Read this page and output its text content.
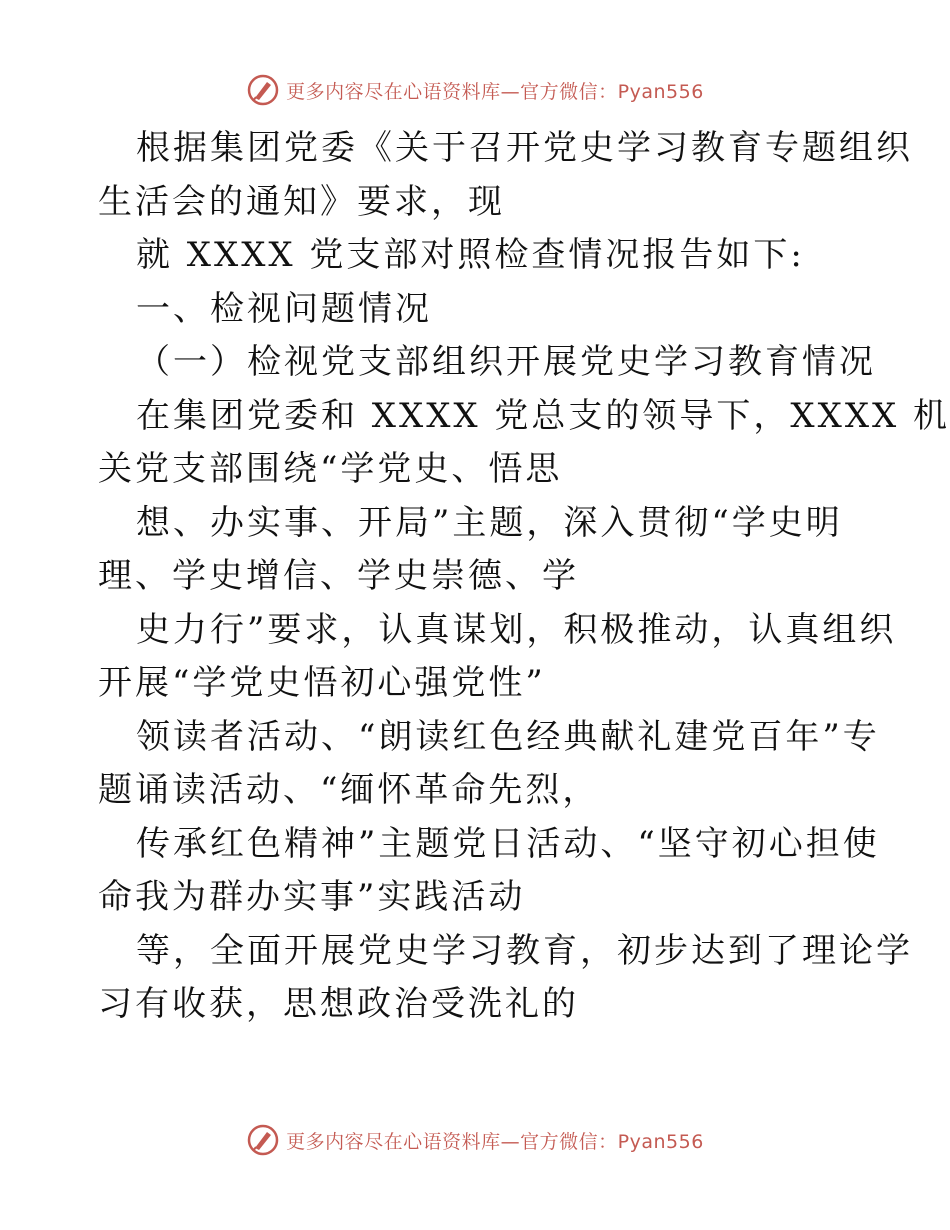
更多内容尽在心语资料库—官方微信：Pyan556
根据集团党委《关于召开党史学习教育专题组织
生活会的通知》要求，现
就 XXXX 党支部对照检查情况报告如下:
一、检视问题情况
（一）检视党支部组织开展党史学习教育情况
在集团党委和 XXXX 党总支的领导下，XXXX 机
关党支部围绕“学党史、悟思
想、办实事、开局”主题，深入贯彻“学史明
理、学史增信、学史崇德、学
史力行”要求，认真谋划，积极推动，认真组织
开展“学党史悟初心强党性”
领读者活动、“朗读红色经典献礼建党百年”专
题诵读活动、“缅怀革命先烈，
传承红色精神”主题党日活动、“坚守初心担使
命我为群办实事”实践活动
等，全面开展党史学习教育，初步达到了理论学
习有收获，思想政治受洗礼的
更多内容尽在心语资料库—官方微信：Pyan556
